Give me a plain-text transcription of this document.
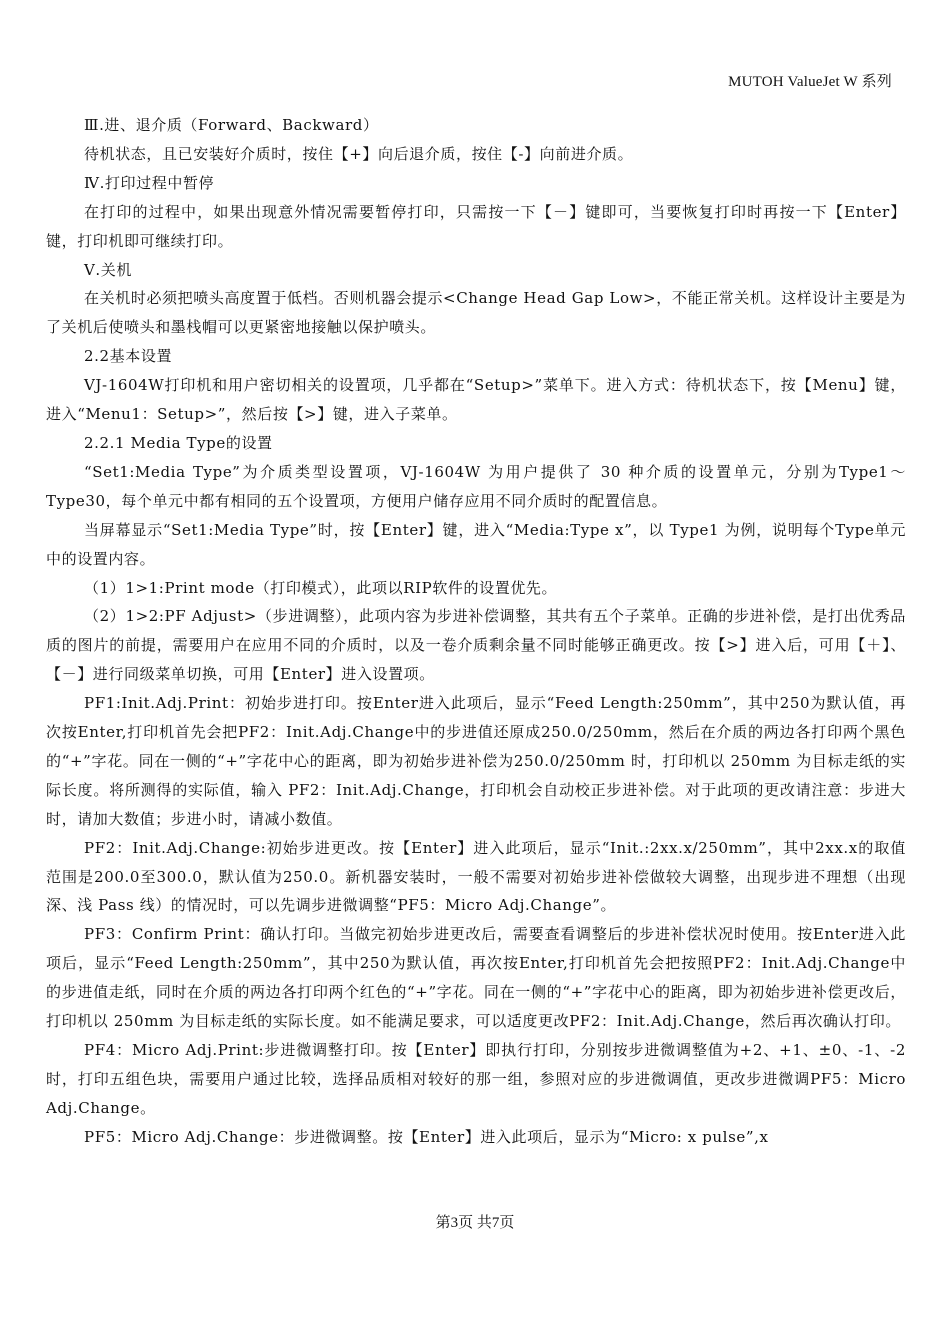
MUTOH ValueJet W 系列

Ⅲ.进、退介质（Forward、Backward）

待机状态，且已安装好介质时，按住【+】向后退介质，按住【-】向前进介质。

Ⅳ.打印过程中暂停

在打印的过程中，如果出现意外情况需要暂停打印，只需按一下【－】键即可，当要恢复打印时再按一下【Enter】键，打印机即可继续打印。

Ⅴ.关机

在关机时必须把喷头高度置于低档。否则机器会提示<Change Head Gap Low>，不能正常关机。这样设计主要是为了关机后使喷头和墨栈帽可以更紧密地接触以保护喷头。

2.2基本设置

VJ-1604W打印机和用户密切相关的设置项，几乎都在“Setup>”菜单下。进入方式：待机状态下，按【Menu】键，进入“Menu1：Setup>”，然后按【>】键，进入子菜单。

2.2.1 Media Type的设置

“Set1:Media Type”为介质类型设置项，VJ-1604W 为用户提供了 30 种介质的设置单元，分别为Type1～Type30，每个单元中都有相同的五个设置项，方便用户储存应用不同介质时的配置信息。

当屏幕显示“Set1:Media Type”时，按【Enter】键，进入“Media:Type x”，以 Type1 为例，说明每个Type单元中的设置内容。

（1）1>1:Print mode（打印模式），此项以RIP软件的设置优先。

（2）1>2:PF Adjust>（步进调整），此项内容为步进补偿调整，其共有五个子菜单。正确的步进补偿，是打出优秀品质的图片的前提，需要用户在应用不同的介质时，以及一卷介质剩余量不同时能够正确更改。按【>】进入后，可用【＋】、【－】进行同级菜单切换，可用【Enter】进入设置项。

PF1:Init.Adj.Print：初始步进打印。按Enter进入此项后，显示“Feed Length:250mm”，其中250为默认值，再次按Enter,打印机首先会把PF2：Init.Adj.Change中的步进值还原成250.0/250mm，然后在介质的两边各打印两个黑色的“+”字花。同在一侧的“+”字花中心的距离，即为初始步进补偿为250.0/250mm 时，打印机以 250mm 为目标走纸的实际长度。将所测得的实际值，输入 PF2：Init.Adj.Change，打印机会自动校正步进补偿。对于此项的更改请注意：步进大时，请加大数值；步进小时，请减小数值。

PF2：Init.Adj.Change:初始步进更改。按【Enter】进入此项后，显示“Init.:2xx.x/250mm”，其中2xx.x的取值范围是200.0至300.0，默认值为250.0。新机器安装时，一般不需要对初始步进补偿做较大调整，出现步进不理想（出现深、浅 Pass 线）的情况时，可以先调步进微调整“PF5：Micro Adj.Change”。

PF3：Confirm Print：确认打印。当做完初始步进更改后，需要查看调整后的步进补偿状况时使用。按Enter进入此项后，显示“Feed Length:250mm”，其中250为默认值，再次按Enter,打印机首先会把按照PF2：Init.Adj.Change中的步进值走纸，同时在介质的两边各打印两个红色的“+”字花。同在一侧的“+”字花中心的距离，即为初始步进补偿更改后，打印机以 250mm 为目标走纸的实际长度。如不能满足要求，可以适度更改PF2：Init.Adj.Change，然后再次确认打印。

PF4：Micro Adj.Print:步进微调整打印。按【Enter】即执行打印，分别按步进微调整值为+2、+1、±0、-1、-2时，打印五组色块，需要用户通过比较，选择品质相对较好的那一组，参照对应的步进微调值，更改步进微调PF5：Micro Adj.Change。

PF5：Micro Adj.Change：步进微调整。按【Enter】进入此项后，显示为“Micro: x pulse”,x

第3页 共7页
